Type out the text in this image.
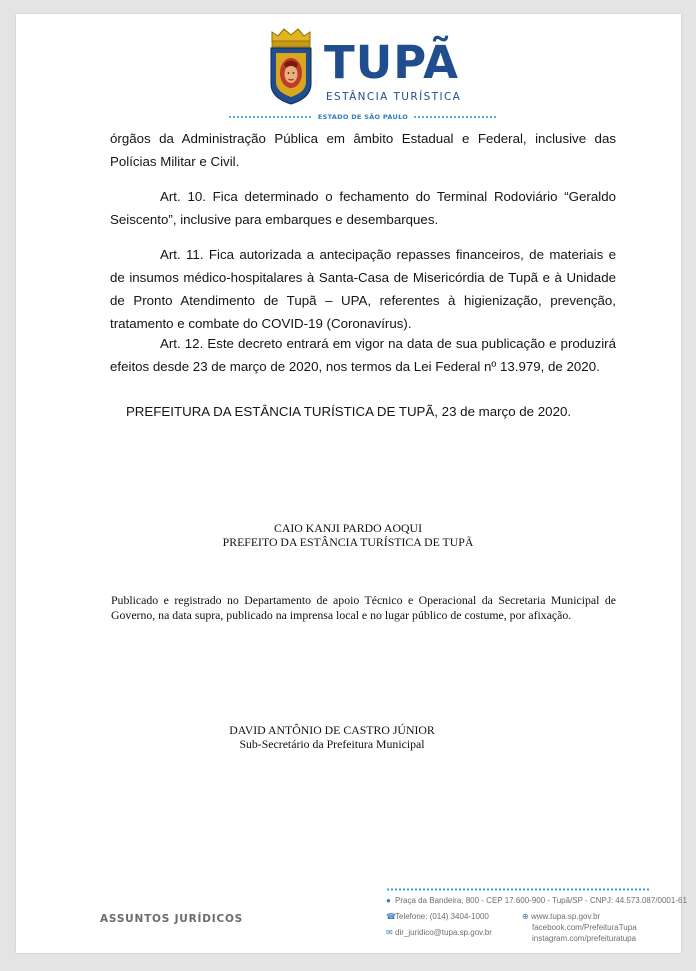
TUPÃ
ESTÂNCIA TURÍSTICA
ESTADO DE SÃO PAULO

órgãos da Administração Pública em âmbito Estadual e Federal, inclusive das Polícias Militar e Civil.

Art. 10. Fica determinado o fechamento do Terminal Rodoviário “Geraldo Seiscento”, inclusive para embarques e desembarques.

Art. 11. Fica autorizada a antecipação repasses financeiros, de materiais e de insumos médico-hospitalares à Santa-Casa de Misericórdia de Tupã e à Unidade de Pronto Atendimento de Tupã – UPA, referentes à higienização, prevenção, tratamento e combate do COVID-19 (Coronavírus).

Art. 12. Este decreto entrará em vigor na data de sua publicação e produzirá efeitos desde 23 de março de 2020, nos termos da Lei Federal nº 13.979, de 2020.

PREFEITURA DA ESTÂNCIA TURÍSTICA DE TUPÃ, 23 de março de 2020.
CAIO KANJI PARDO AOQUI
PREFEITO DA ESTÂNCIA TURÍSTICA DE TUPÃ

Publicado e registrado no Departamento de apoio Técnico e Operacional da Secretaria Municipal de Governo, na data supra, publicado na imprensa local e no lugar público de costume, por afixação.

DAVID ANTÔNIO DE CASTRO JÚNIOR
Sub-Secretário da Prefeitura Municipal
ASSUNTOS JURÍDICOS
● Praça da Bandeira, 800 - CEP 17.600-900 - Tupã/SP - CNPJ: 44.573.087/0001-61
☎Telefone: (014) 3404-1000
✉ dir_juridico@tupa.sp.gov.br
⊕ www.tupa.sp.gov.br
facebook.com/PrefeituraTupa
instagram.com/prefeituratupa
